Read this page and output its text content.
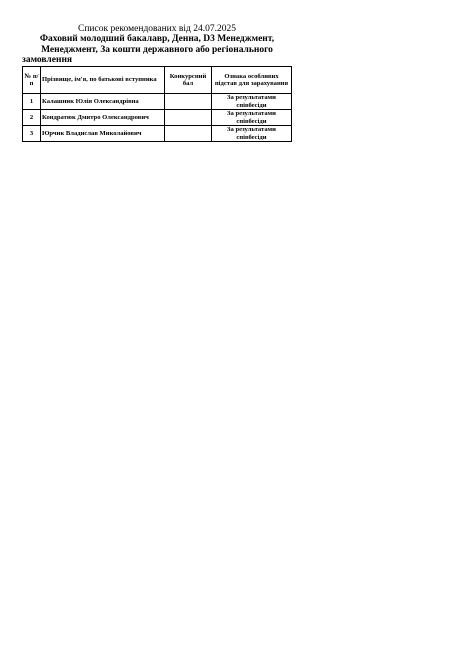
Список рекомендованих від 24.07.2025
Фаховий молодший бакалавр, Денна, D3 Менеджмент,
Менеджмент, За кошти державного або регіонального
замовлення
№ п/п	Прізвище, ім'я, по батькові вступника	Конкурсний бал	Ознака особливих підстав для зарахування
1	Калашник Юлія Олександрівна		За результатами співбесіди
2	Кондратюк Дмитро Олександрович		За результатами співбесіди
3	Юрчик Владислав Миколайович		За результатами співбесіди
